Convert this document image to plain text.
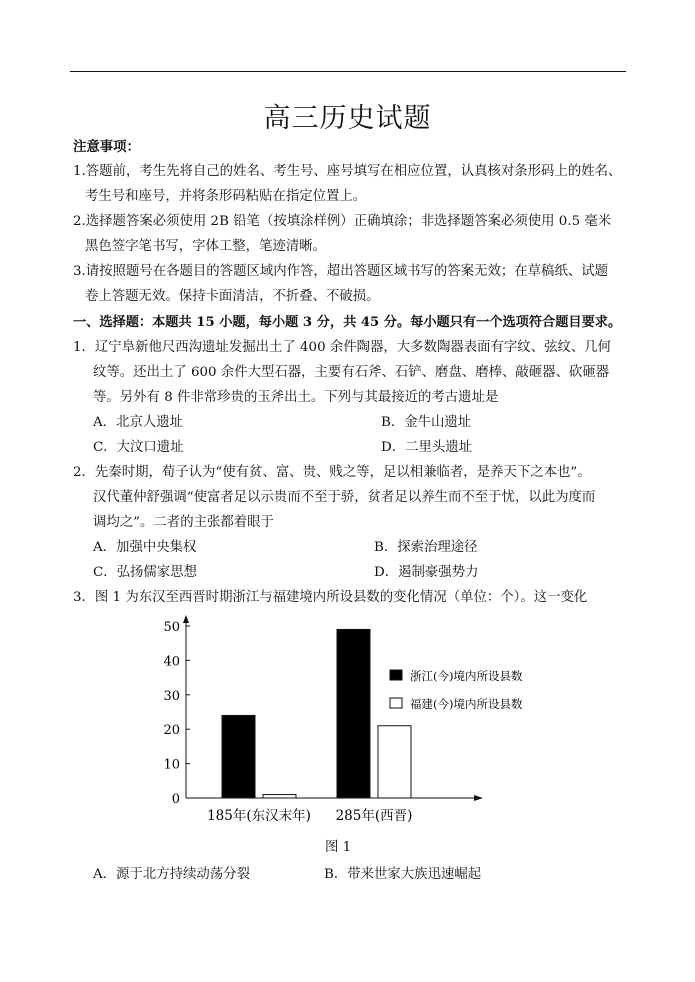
高三历史试题
注意事项：
1.答题前，考生先将自己的姓名、考生号、座号填写在相应位置，认真核对条形码上的姓名、
考生号和座号，并将条形码粘贴在指定位置上。
2.选择题答案必须使用 2B 铅笔（按填涂样例）正确填涂；非选择题答案必须使用 0.5 毫米
黑色签字笔书写，字体工整，笔迹清晰。
3.请按照题号在各题目的答题区域内作答，超出答题区域书写的答案无效；在草稿纸、试题
卷上答题无效。保持卡面清洁，不折叠、不破损。
一、选择题：本题共 15 小题，每小题 3 分，共 45 分。每小题只有一个选项符合题目要求。
1．辽宁阜新他尺西沟遗址发掘出土了 400 余件陶器，大多数陶器表面有字纹、弦纹、几何
纹等。还出土了 600 余件大型石器，主要有石斧、石铲、磨盘、磨棒、敲砸器、砍砸器
等。另外有 8 件非常珍贵的玉斧出土。下列与其最接近的考古遗址是
A．北京人遗址	B．金牛山遗址
C．大汶口遗址	D．二里头遗址
2．先秦时期，荀子认为“使有贫、富、贵、贱之等，足以相兼临者，是养天下之本也”。
汉代董仲舒强调“使富者足以示贵而不至于骄，贫者足以养生而不至于忧，以此为度而
调均之”。二者的主张都着眼于
A．加强中央集权	B．探索治理途径
C．弘扬儒家思想	D．遏制豪强势力
3．图 1 为东汉至西晋时期浙江与福建境内所设县数的变化情况（单位：个）。这一变化
0
10
20
30
40
50
185年(东汉末年) 285年(西晋)
浙江(今)境内所设县数
福建(今)境内所设县数
图 1
A．源于北方持续动荡分裂	B．带来世家大族迅速崛起
